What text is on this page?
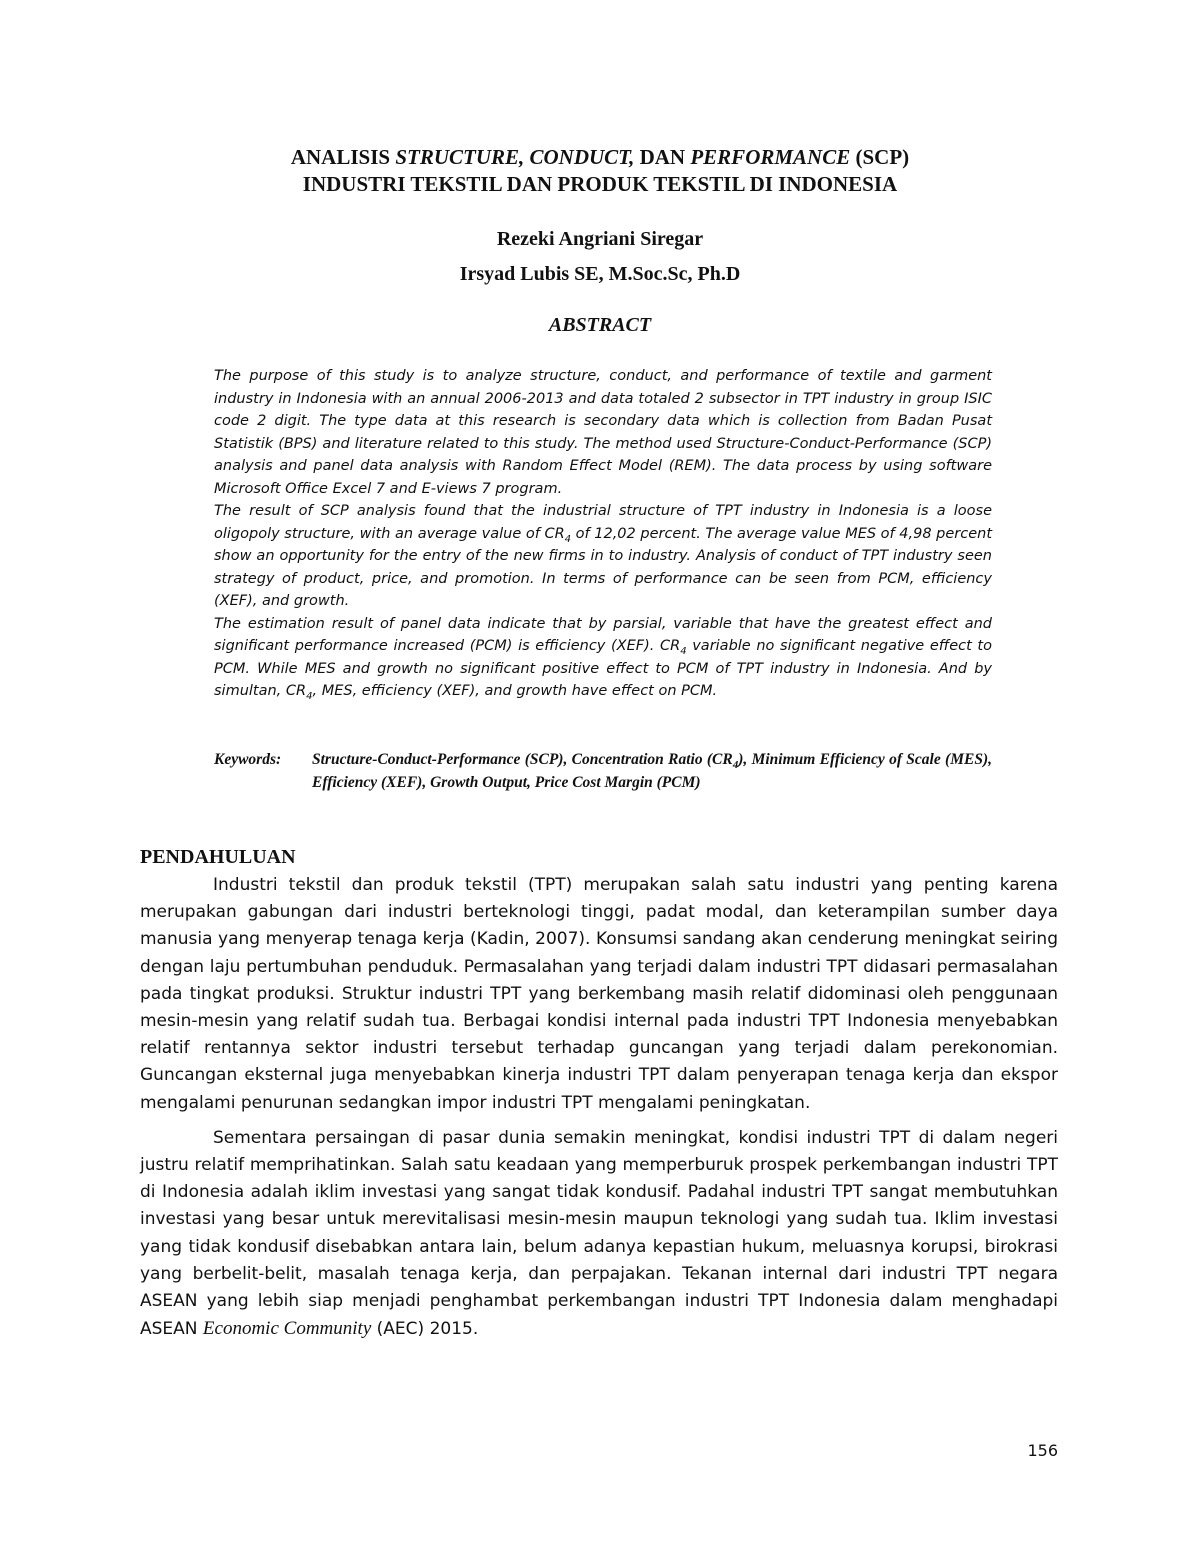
ANALISIS STRUCTURE, CONDUCT, DAN PERFORMANCE (SCP)
INDUSTRI TEKSTIL DAN PRODUK TEKSTIL DI INDONESIA
Rezeki Angriani Siregar
Irsyad Lubis SE, M.Soc.Sc, Ph.D
ABSTRACT

The purpose of this study is to analyze structure, conduct, and performance of textile and garment industry in Indonesia with an annual 2006-2013 and data totaled 2 subsector in TPT industry in group ISIC code 2 digit. The type data at this research is secondary data which is collection from Badan Pusat Statistik (BPS) and literature related to this study. The method used Structure-Conduct-Performance (SCP) analysis and panel data analysis with Random Effect Model (REM). The data process by using software Microsoft Office Excel 7 and E-views 7 program.

The result of SCP analysis found that the industrial structure of TPT industry in Indonesia is a loose oligopoly structure, with an average value of $CR_4$ of 12,02 percent. The average value MES of 4,98 percent show an opportunity for the entry of the new firms in to industry. Analysis of conduct of TPT industry seen strategy of product, price, and promotion. In terms of performance can be seen from PCM, efficiency (XEF), and growth.

The estimation result of panel data indicate that by parsial, variable that have the greatest effect and significant performance increased (PCM) is efficiency (XEF). $CR_4$ variable no significant negative effect to PCM. While MES and growth no significant positive effect to PCM of TPT industry in Indonesia. And by simultan, $CR_4$, MES, efficiency (XEF), and growth have effect on PCM.

Keywords: Structure-Conduct-Performance (SCP), Concentration Ratio $(CR_4)$, Minimum Efficiency of Scale (MES), Efficiency (XEF), Growth Output, Price Cost Margin (PCM)
PENDAHULUAN

Industri tekstil dan produk tekstil (TPT) merupakan salah satu industri yang penting karena merupakan gabungan dari industri berteknologi tinggi, padat modal, dan keterampilan sumber daya manusia yang menyerap tenaga kerja (Kadin, 2007). Konsumsi sandang akan cenderung meningkat seiring dengan laju pertumbuhan penduduk. Permasalahan yang terjadi dalam industri TPT didasari permasalahan pada tingkat produksi. Struktur industri TPT yang berkembang masih relatif didominasi oleh penggunaan mesin-mesin yang relatif sudah tua. Berbagai kondisi internal pada industri TPT Indonesia menyebabkan relatif rentannya sektor industri tersebut terhadap guncangan yang terjadi dalam perekonomian. Guncangan eksternal juga menyebabkan kinerja industri TPT dalam penyerapan tenaga kerja dan ekspor mengalami penurunan sedangkan impor industri TPT mengalami peningkatan.

Sementara persaingan di pasar dunia semakin meningkat, kondisi industri TPT di dalam negeri justru relatif memprihatinkan. Salah satu keadaan yang memperburuk prospek perkembangan industri TPT di Indonesia adalah iklim investasi yang sangat tidak kondusif. Padahal industri TPT sangat membutuhkan investasi yang besar untuk merevitalisasi mesin-mesin maupun teknologi yang sudah tua. Iklim investasi yang tidak kondusif disebabkan antara lain, belum adanya kepastian hukum, meluasnya korupsi, birokrasi yang berbelit-belit, masalah tenaga kerja, dan perpajakan. Tekanan internal dari industri TPT negara ASEAN yang lebih siap menjadi penghambat perkembangan industri TPT Indonesia dalam menghadapi ASEAN Economic Community (AEC) 2015.

156
